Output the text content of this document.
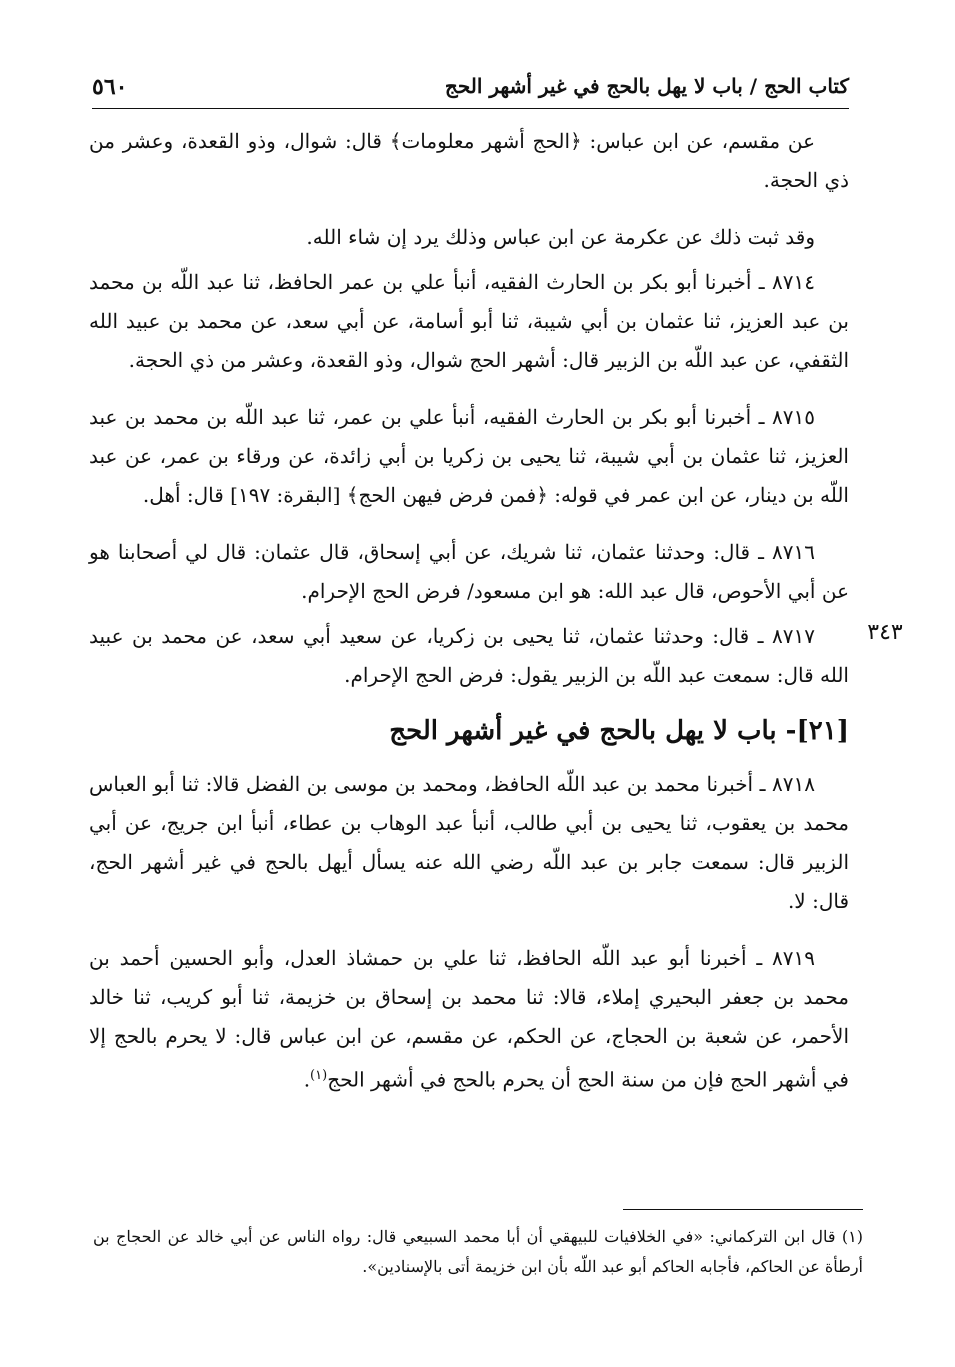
كتاب الحج / باب لا يهل بالحج في غير أشهر الحج
٥٦٠
٣٤٣

عن مقسم، عن ابن عباس: ﴿الحج أشهر معلومات﴾ قال: شوال، وذو القعدة، وعشر من ذي الحجة.

وقد ثبت ذلك عن عكرمة عن ابن عباس وذلك يرد إن شاء الله.

٨٧١٤ ـ أخبرنا أبو بكر بن الحارث الفقيه، أنبأ علي بن عمر الحافظ، ثنا عبد اللّه بن محمد بن عبد العزيز، ثنا عثمان بن أبي شيبة، ثنا أبو أسامة، عن أبي سعد، عن محمد بن عبيد الله الثقفي، عن عبد اللّه بن الزبير قال: أشهر الحج شوال، وذو القعدة، وعشر من ذي الحجة.

٨٧١٥ ـ أخبرنا أبو بكر بن الحارث الفقيه، أنبأ علي بن عمر، ثنا عبد اللّه بن محمد بن عبد العزيز، ثنا عثمان بن أبي شيبة، ثنا يحيى بن زكريا بن أبي زائدة، عن ورقاء بن عمر، عن عبد اللّه بن دينار، عن ابن عمر في قوله: ﴿فمن فرض فيهن الحج﴾ [البقرة: ١٩٧] قال: أهل.

٨٧١٦ ـ قال: وحدثنا عثمان، ثنا شريك، عن أبي إسحاق، قال عثمان: قال لي أصحابنا هو عن أبي الأحوص، قال عبد الله: هو ابن مسعود/ فرض الحج الإحرام.

٨٧١٧ ـ قال: وحدثنا عثمان، ثنا يحيى بن زكريا، عن سعيد أبي سعد، عن محمد بن عبيد الله قال: سمعت عبد اللّه بن الزبير يقول: فرض الحج الإحرام.

[٢١]- باب لا يهل بالحج في غير أشهر الحج

٨٧١٨ ـ أخبرنا محمد بن عبد اللّه الحافظ، ومحمد بن موسى بن الفضل قالا: ثنا أبو العباس محمد بن يعقوب، ثنا يحيى بن أبي طالب، أنبأ عبد الوهاب بن عطاء، أنبأ ابن جريج، عن أبي الزبير قال: سمعت جابر بن عبد اللّه رضي الله عنه يسأل أيهل بالحج في غير أشهر الحج، قال: لا.

٨٧١٩ ـ أخبرنا أبو عبد اللّه الحافظ، ثنا علي بن حمشاذ العدل، وأبو الحسين أحمد بن محمد بن جعفر البحيري إملاء، قالا: ثنا محمد بن إسحاق بن خزيمة، ثنا أبو كريب، ثنا خالد الأحمر، عن شعبة بن الحجاج، عن الحكم، عن مقسم، عن ابن عباس قال: لا يحرم بالحج إلا في أشهر الحج فإن من سنة الحج أن يحرم بالحج في أشهر الحج$^{(١)}$.

(١) قال ابن التركماني: «في الخلافيات للبيهقي أن أبا محمد السبيعي قال: رواه الناس عن أبي خالد عن الحجاج بن أرطأة عن الحاكم، فأجابه الحاكم أبو عبد اللّه بأن ابن خزيمة أتى بالإسنادين».
